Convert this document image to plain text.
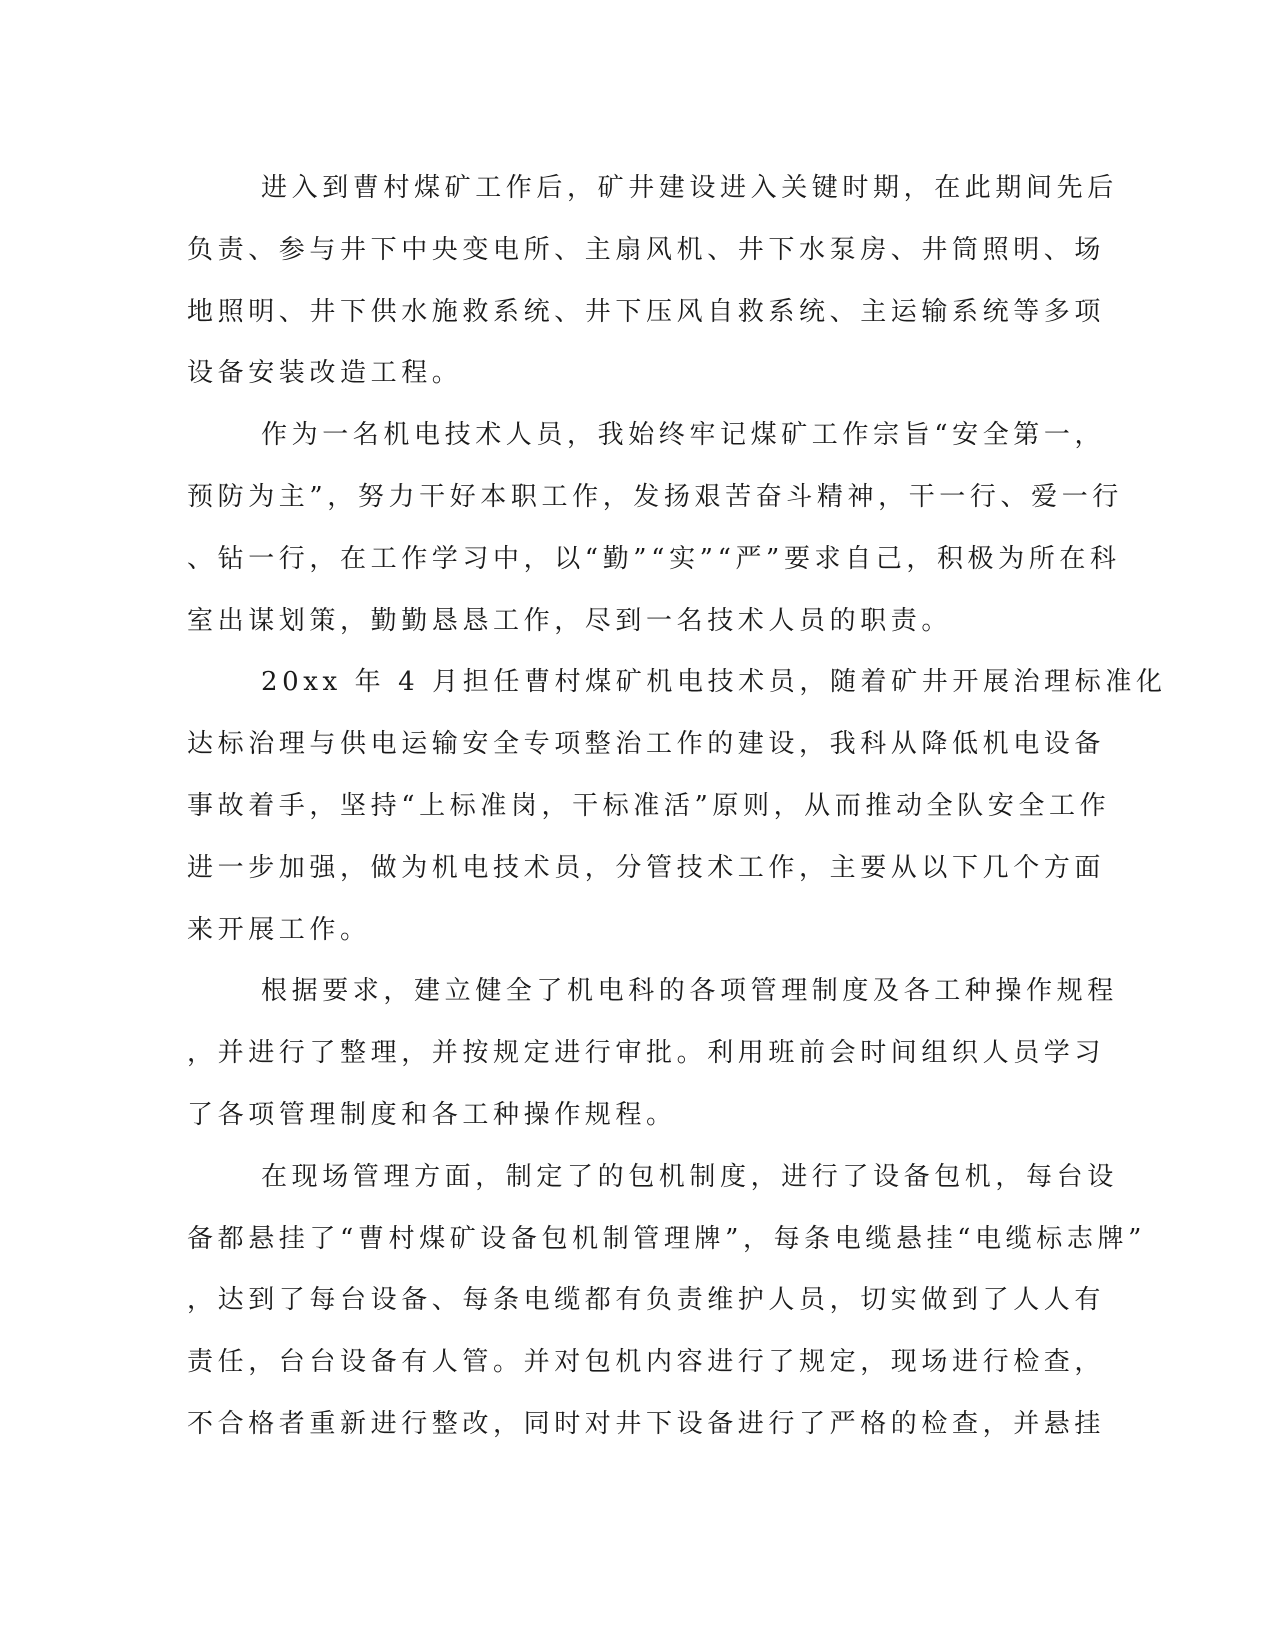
进入到曹村煤矿工作后，矿井建设进入关键时期，在此期间先后
负责、参与井下中央变电所、主扇风机、井下水泵房、井筒照明、场
地照明、井下供水施救系统、井下压风自救系统、主运输系统等多项
设备安装改造工程。
作为一名机电技术人员，我始终牢记煤矿工作宗旨“安全第一，
预防为主”，努力干好本职工作，发扬艰苦奋斗精神，干一行、爱一行
、钻一行，在工作学习中，以“勤”“实”“严”要求自己，积极为所在科
室出谋划策，勤勤恳恳工作，尽到一名技术人员的职责。
20xx 年 4 月担任曹村煤矿机电技术员，随着矿井开展治理标准化
达标治理与供电运输安全专项整治工作的建设，我科从降低机电设备
事故着手，坚持“上标准岗，干标准活”原则，从而推动全队安全工作
进一步加强，做为机电技术员，分管技术工作，主要从以下几个方面
来开展工作。
根据要求，建立健全了机电科的各项管理制度及各工种操作规程
，并进行了整理，并按规定进行审批。利用班前会时间组织人员学习
了各项管理制度和各工种操作规程。
在现场管理方面，制定了的包机制度，进行了设备包机，每台设
备都悬挂了“曹村煤矿设备包机制管理牌”，每条电缆悬挂“电缆标志牌”
，达到了每台设备、每条电缆都有负责维护人员，切实做到了人人有
责任，台台设备有人管。并对包机内容进行了规定，现场进行检查，
不合格者重新进行整改，同时对井下设备进行了严格的检查，并悬挂
